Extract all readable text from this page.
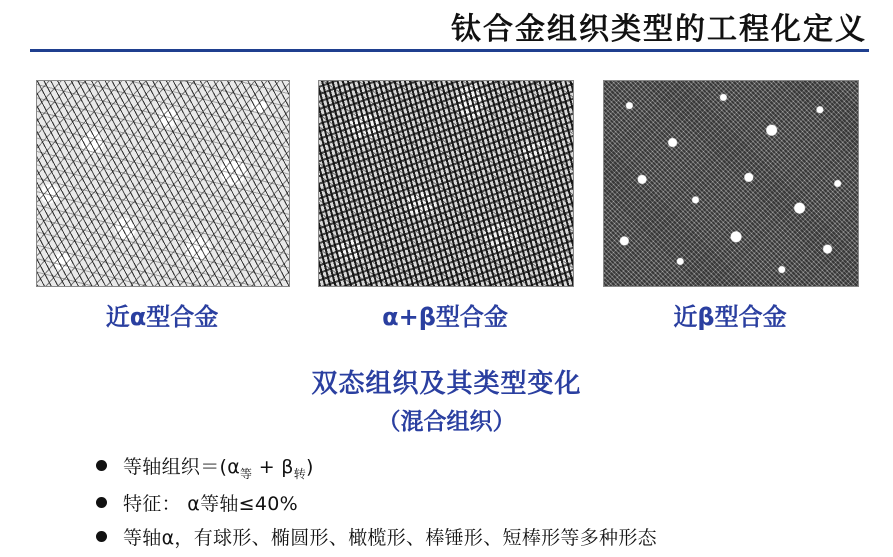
钛合金组织类型的工程化定义
近α型合金	α+β型合金	近β型合金
双态组织及其类型变化
（混合组织）
等轴组织$=(\alpha_等 + \beta_转)$
特征： α等轴≤40%
等轴α，有球形、椭圆形、橄榄形、棒锤形、短棒形等多种形态
